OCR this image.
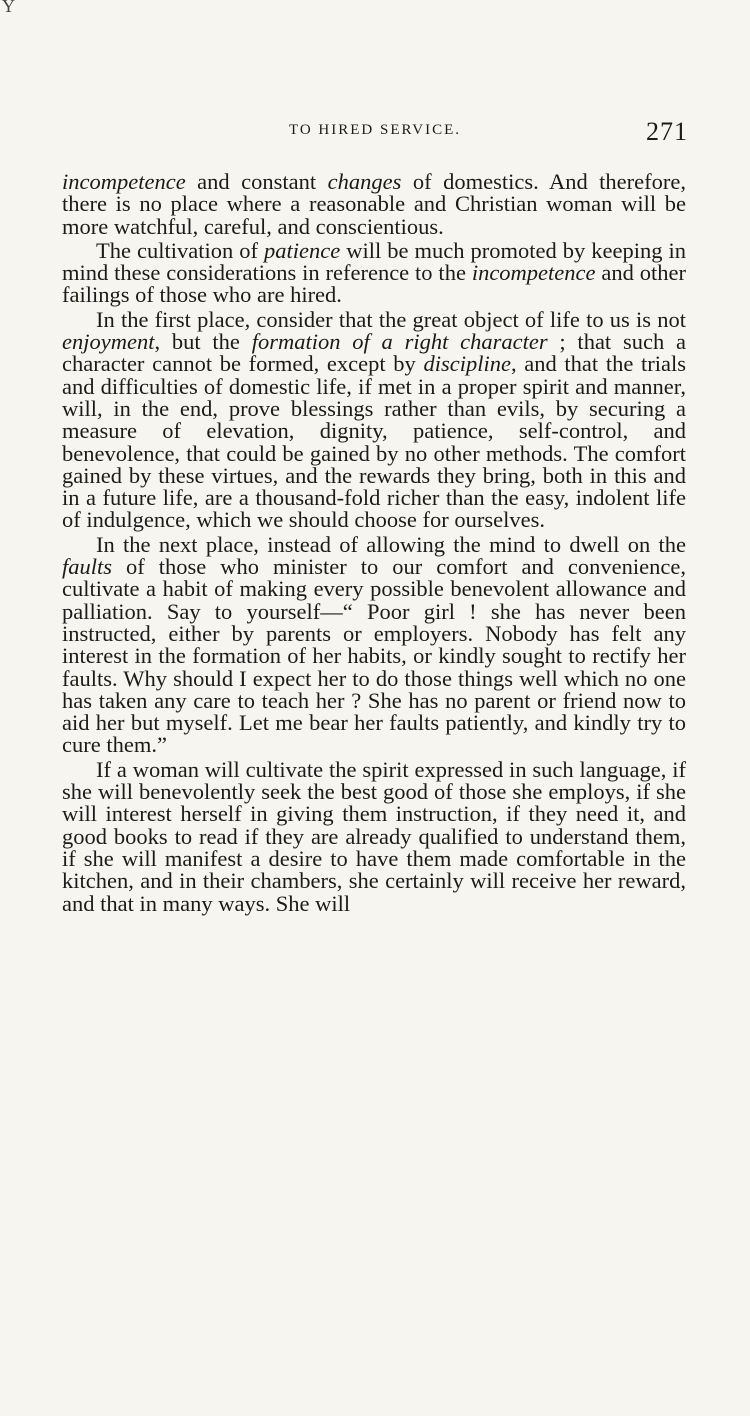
Y
TO HIRED SERVICE.	271

incompetence and constant changes of domestics. And therefore, there is no place where a reasonable and Christian woman will be more watchful, careful, and conscientious.

The cultivation of patience will be much promoted by keeping in mind these considerations in reference to the incompetence and other failings of those who are hired.

In the first place, consider that the great object of life to us is not enjoyment, but the formation of a right character ; that such a character cannot be formed, except by discipline, and that the trials and difficulties of domestic life, if met in a proper spirit and manner, will, in the end, prove blessings rather than evils, by securing a measure of elevation, dignity, patience, self-control, and benevolence, that could be gained by no other methods. The comfort gained by these virtues, and the rewards they bring, both in this and in a future life, are a thousand-fold richer than the easy, indolent life of indulgence, which we should choose for ourselves.

In the next place, instead of allowing the mind to dwell on the faults of those who minister to our comfort and convenience, cultivate a habit of making every possible benevolent allowance and palliation. Say to yourself—“ Poor girl ! she has never been instructed, either by parents or employers. Nobody has felt any interest in the formation of her habits, or kindly sought to rectify her faults. Why should I expect her to do those things well which no one has taken any care to teach her ? She has no parent or friend now to aid her but myself. Let me bear her faults patiently, and kindly try to cure them.”

If a woman will cultivate the spirit expressed in such language, if she will benevolently seek the best good of those she employs, if she will interest herself in giving them instruction, if they need it, and good books to read if they are already qualified to understand them, if she will manifest a desire to have them made comfortable in the kitchen, and in their chambers, she certainly will receive her reward, and that in many ways. She will
